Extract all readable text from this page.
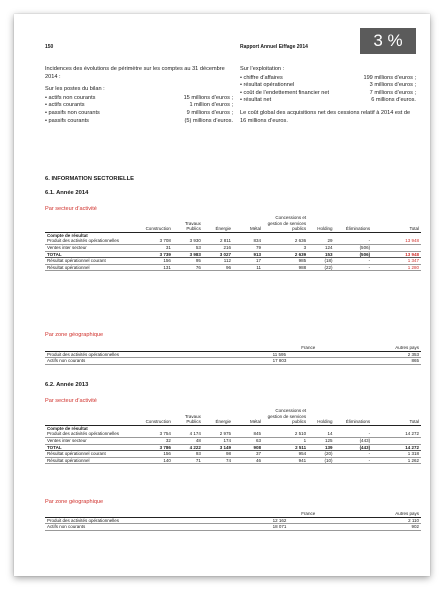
150	Rapport Annuel Eiffage 2014	3 %

Incidences des évolutions de périmètre sur les comptes au 31 décembre 2014 :

Sur les postes du bilan :

• actifs non courants	15 millions d’euros ;
• actifs courants	1 million d’euros ;
• passifs non courants	9 millions d’euros ;
• passifs courants	(5) millions d’euros.

Sur l’exploitation :

• chiffre d’affaires	199 millions d’euros ;
• résultat opérationnel	3 millions d’euros ;
• coût de l’endettement financier net	7 millions d’euros ;
• résultat net	6 millions d’euros.

Le coût global des acquisitions net des cessions relatif à 2014 est de 16 millions d’euros.

6. INFORMATION SECTORIELLE
6.1. Année 2014
Par secteur d’activité
	Construction	Travaux Publics	Énergie	Métal	Concessions et gestion de services publics	Holding	Éliminations	Total
Compte de résultat								
Produit des activités opérationnelles	3 708	3 930	2 811	834	2 636	29	-	13 948
Ventes inter secteur	31	53	216	79	3	124	(506)	
TOTAL	3 739	3 983	3 027	913	2 639	153	(506)	13 948
Résultat opérationnel courant	156	95	112	17	985	(18)	-	1 347
Résultat opérationnel	131	76	96	11	988	(22)	-	1 280
Par zone géographique
	France	Autres pays
Produit des activités opérationnelles	11 595	2 353
Actifs non courants	17 803	865
6.2. Année 2013
Par secteur d’activité
	Construction	Travaux Publics	Énergie	Métal	Concessions et gestion de services publics	Holding	Éliminations	Total
Compte de résultat								
Produit des activités opérationnelles	3 754	4 174	2 975	845	2 510	14	-	14 272
Ventes inter secteur	32	48	174	63	1	125	(443)	
TOTAL	3 786	4 222	3 149	908	2 511	139	(443)	14 272
Résultat opérationnel courant	156	93	98	37	954	(20)	-	1 318
Résultat opérationnel	140	71	74	46	941	(10)	-	1 262
Par zone géographique
	France	Autres pays
Produit des activités opérationnelles	12 162	2 110
Actifs non courants	18 071	902
